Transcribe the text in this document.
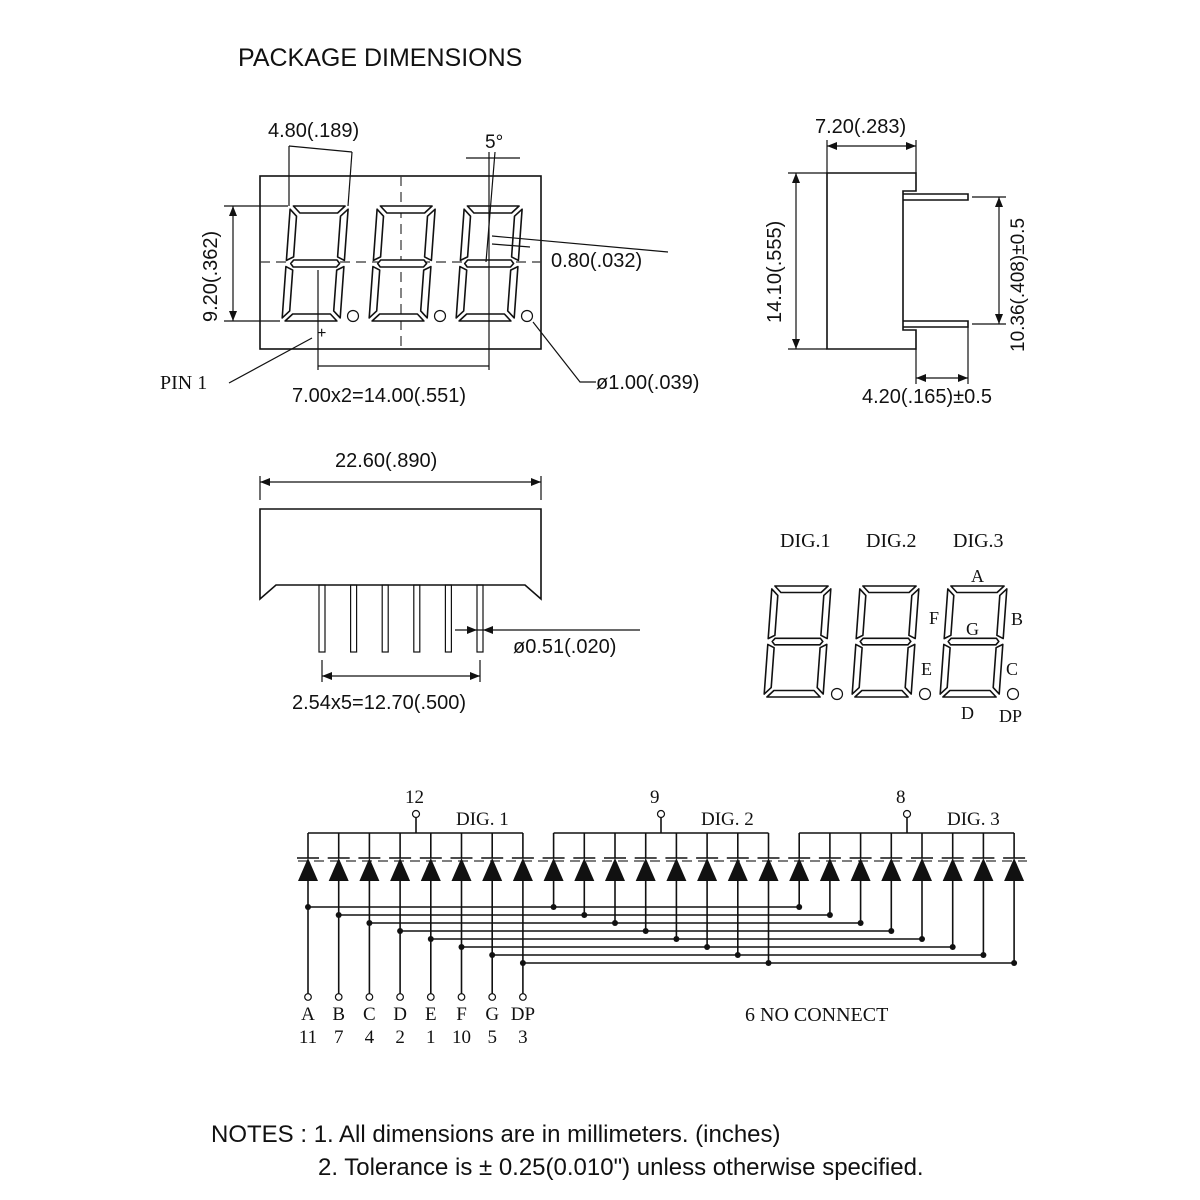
PACKAGE DIMENSIONS
4.80(.189)
5°
0.80(.032)
9.20(.362)
+
PIN 1
7.00x2=14.00(.551)
ø1.00(.039)
7.20(.283)
14.10(.555)	10.36(.408)±0.5
4.20(.165)±0.5
22.60(.890)
ø0.51(.020)
2.54x5=12.70(.500)
DIG.1 DIG.2 DIG.3
A
B
C
D
E
F
G
DP
12
DIG. 1
9
DIG. 2
8
DIG. 3
A
11
B
7
C
4
D
2
E
1
F
10
G
5
DP
3
6 NO CONNECT
NOTES : 1. All dimensions are in millimeters. (inches)
2. Tolerance is ± 0.25(0.010") unless otherwise specified.
